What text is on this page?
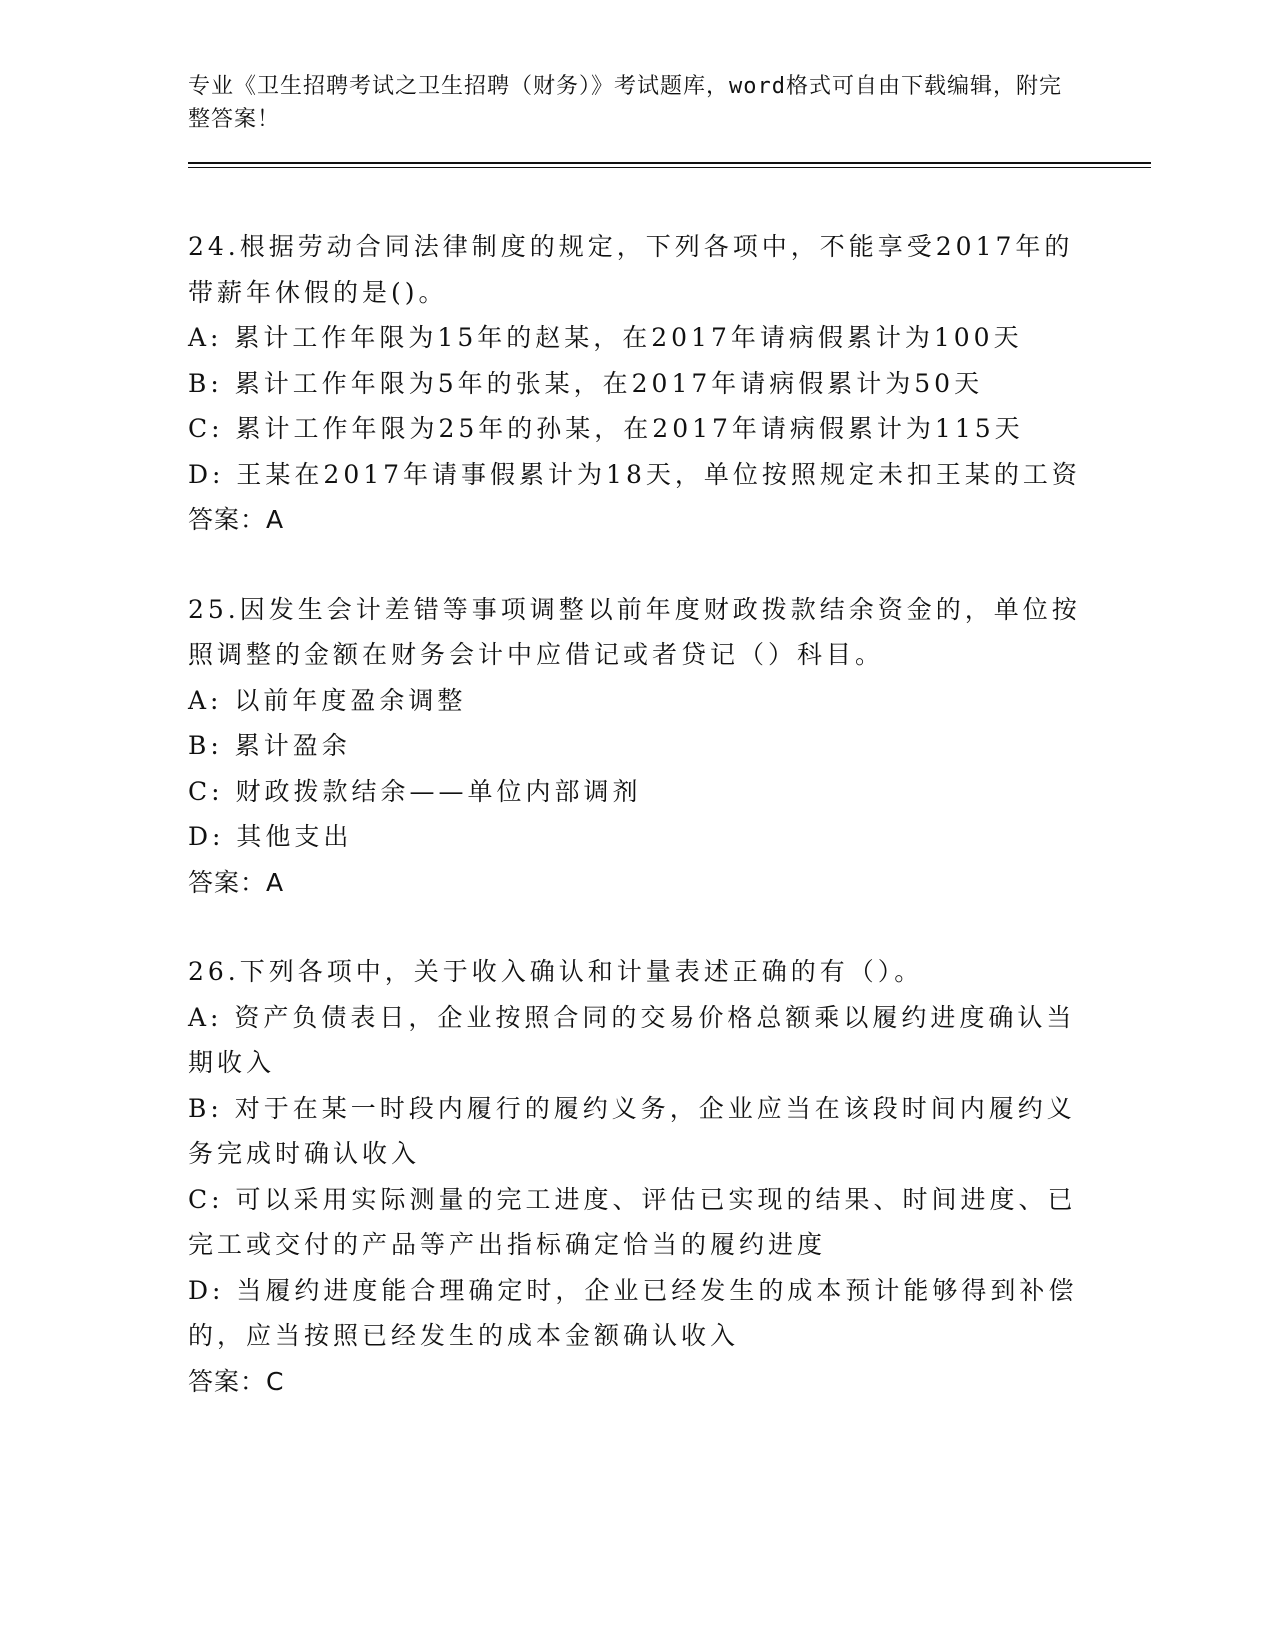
专业《卫生招聘考试之卫生招聘（财务）》考试题库，word格式可自由下载编辑，附完整答案！
24.根据劳动合同法律制度的规定，下列各项中，不能享受2017年的带薪年休假的是()。
A: 累计工作年限为15年的赵某，在2017年请病假累计为100天
B: 累计工作年限为5年的张某，在2017年请病假累计为50天
C: 累计工作年限为25年的孙某，在2017年请病假累计为115天
D: 王某在2017年请事假累计为18天，单位按照规定未扣王某的工资
答案：A
25.因发生会计差错等事项调整以前年度财政拨款结余资金的，单位按照调整的金额在财务会计中应借记或者贷记（）科目。
A: 以前年度盈余调整
B: 累计盈余
C: 财政拨款结余——单位内部调剂
D: 其他支出
答案：A
26.下列各项中，关于收入确认和计量表述正确的有（）。
A: 资产负债表日，企业按照合同的交易价格总额乘以履约进度确认当期收入
B: 对于在某一时段内履行的履约义务，企业应当在该段时间内履约义务完成时确认收入
C: 可以采用实际测量的完工进度、评估已实现的结果、时间进度、已完工或交付的产品等产出指标确定恰当的履约进度
D: 当履约进度能合理确定时，企业已经发生的成本预计能够得到补偿的，应当按照已经发生的成本金额确认收入
答案：C
